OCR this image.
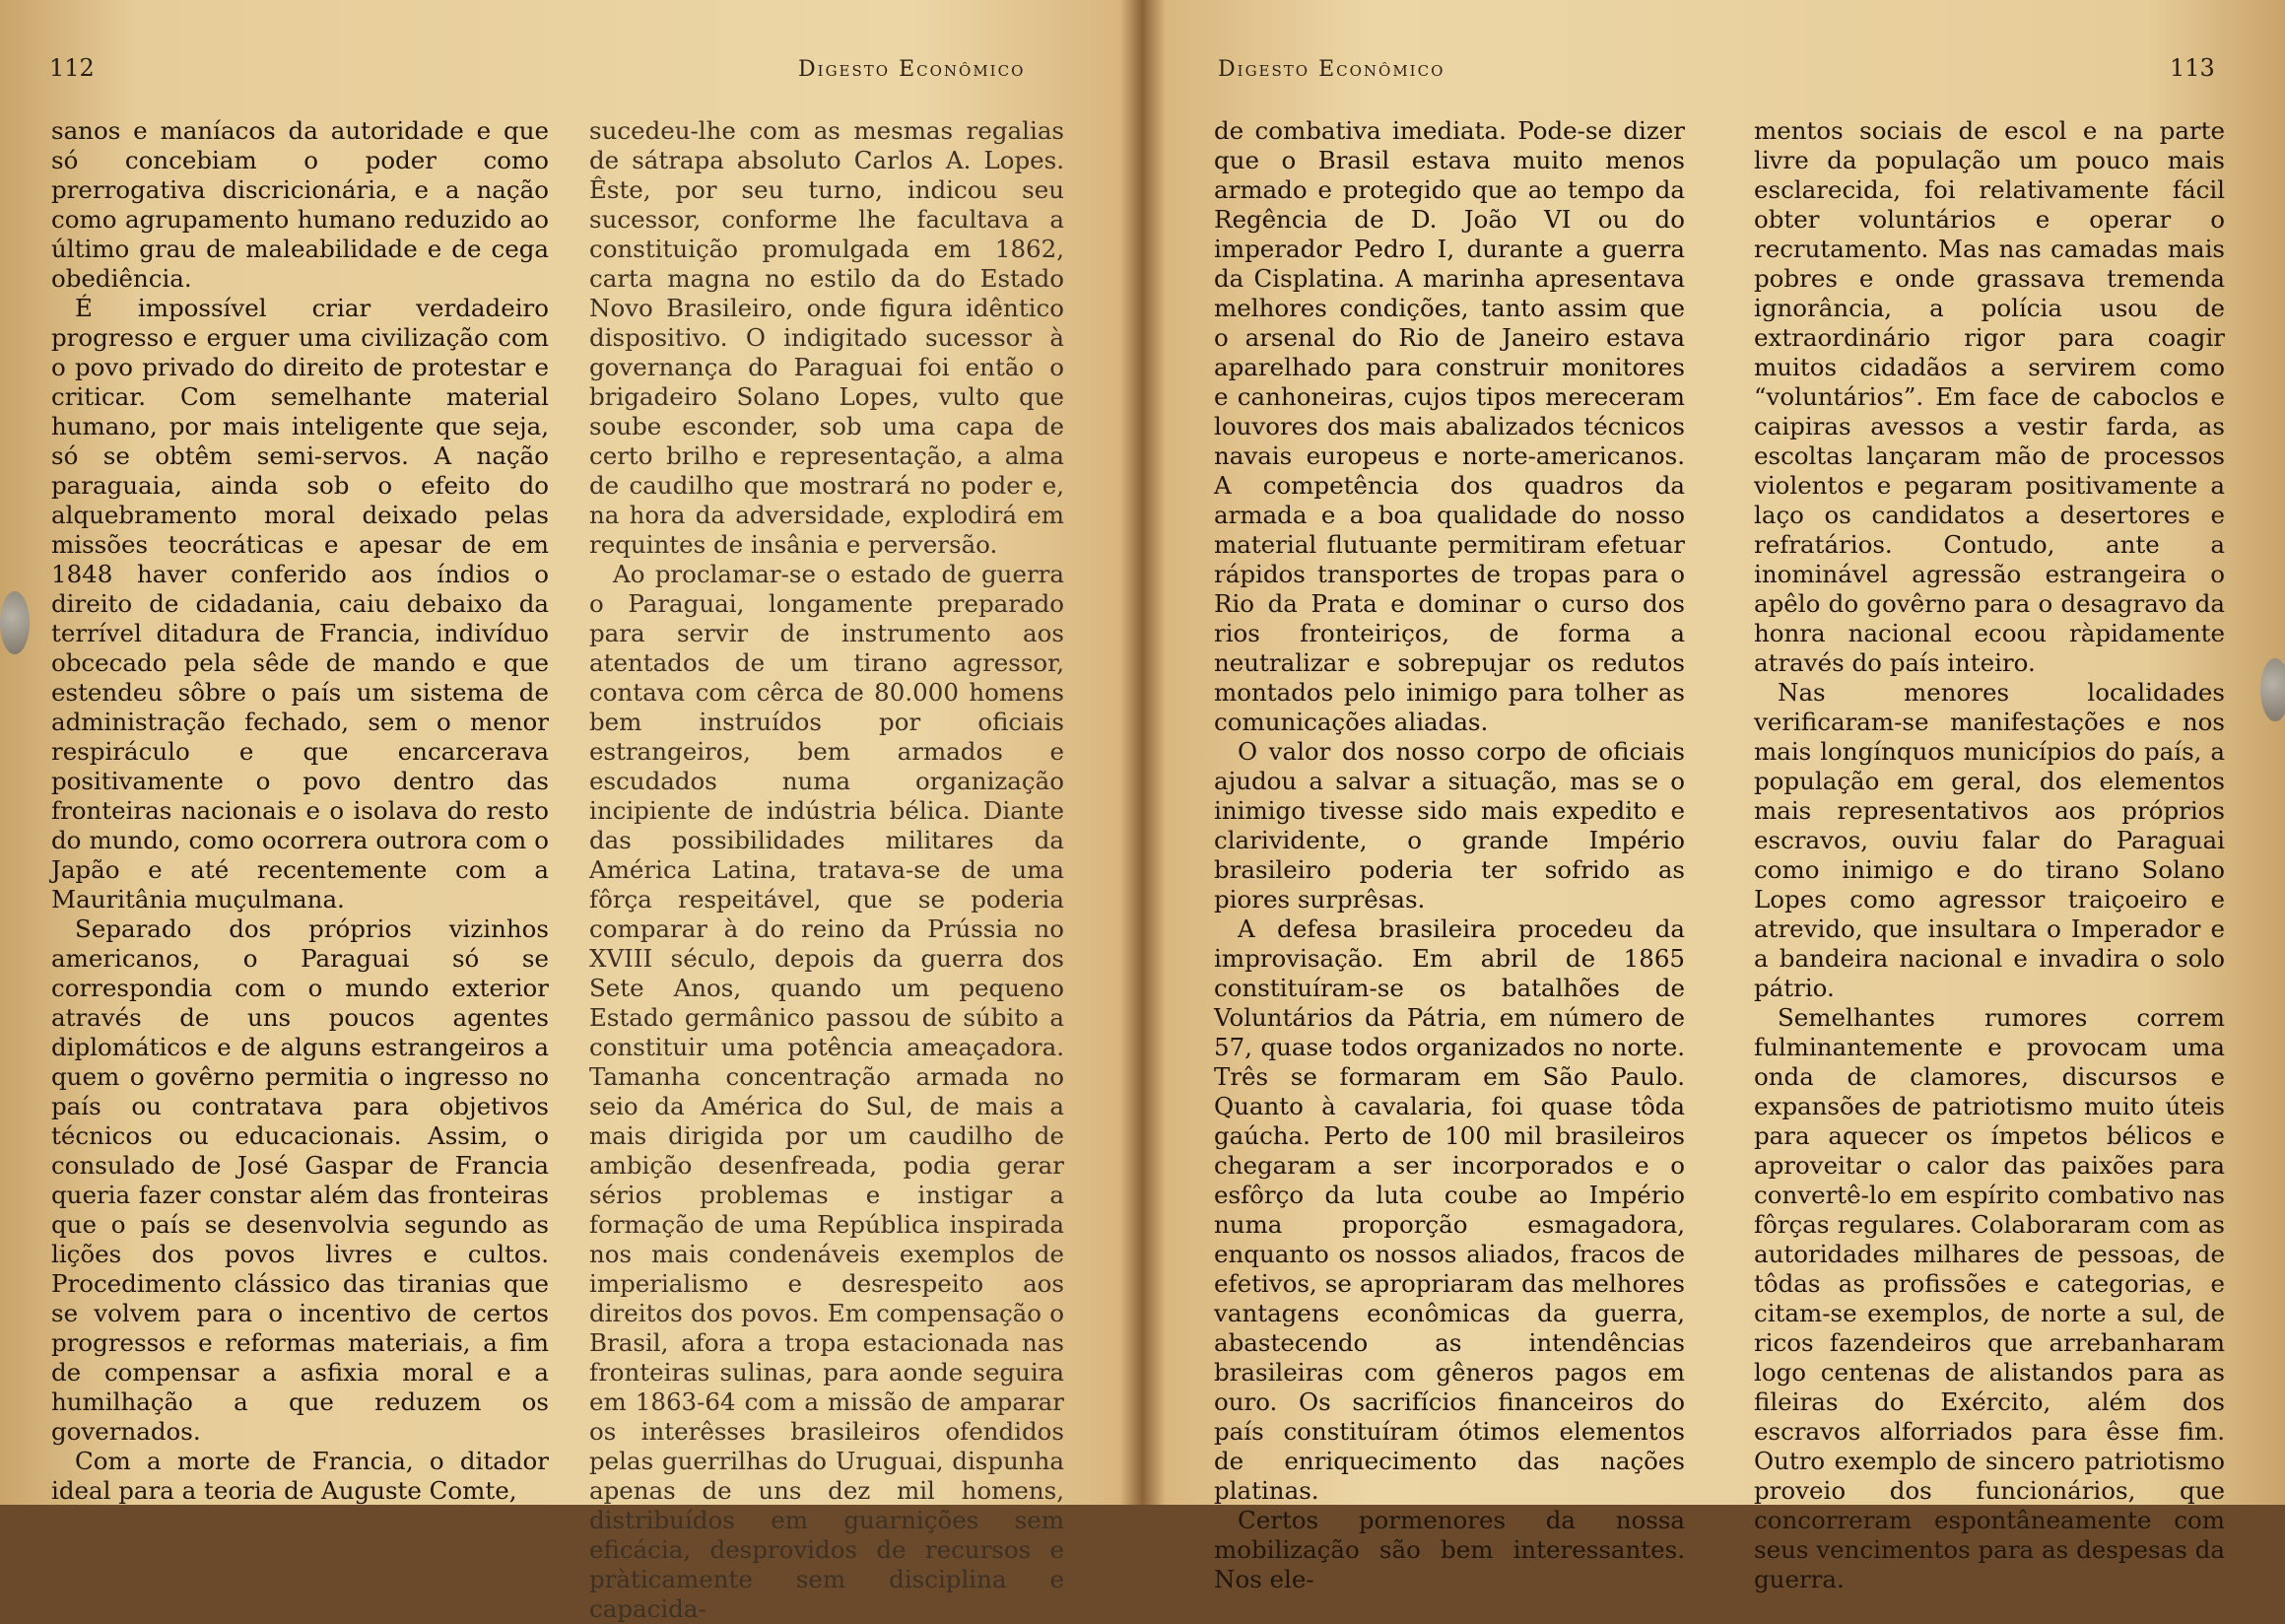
112	Digesto Econômico

sanos e maníacos da autoridade e que só concebiam o poder como prerrogativa discricionária, e a nação como agrupamento humano reduzido ao último grau de maleabilidade e de cega obediência.

É impossível criar verdadeiro progresso e erguer uma civilização com o povo privado do direito de protestar e criticar. Com semelhante material humano, por mais inteligente que seja, só se obtêm semi-servos. A nação paraguaia, ainda sob o efeito do alquebramento moral deixado pelas missões teocráticas e apesar de em 1848 haver conferido aos índios o direito de cidadania, caiu debaixo da terrível ditadura de Francia, indivíduo obcecado pela sêde de mando e que estendeu sôbre o país um sistema de administração fechado, sem o menor respiráculo e que encarcerava positivamente o povo dentro das fronteiras nacionais e o isolava do resto do mundo, como ocorrera outrora com o Japão e até recentemente com a Mauritânia muçulmana.

Separado dos próprios vizinhos americanos, o Paraguai só se correspondia com o mundo exterior através de uns poucos agentes diplomáticos e de alguns estrangeiros a quem o govêrno permitia o ingresso no país ou contratava para objetivos técnicos ou educacionais. Assim, o consulado de José Gaspar de Francia queria fazer constar além das fronteiras que o país se desenvolvia segundo as lições dos povos livres e cultos. Procedimento clássico das tiranias que se volvem para o incentivo de certos progressos e reformas materiais, a fim de compensar a asfixia moral e a humilhação a que reduzem os governados.

Com a morte de Francia, o ditador ideal para a teoria de Auguste Comte,

sucedeu-lhe com as mesmas regalias de sátrapa absoluto Carlos A. Lopes. Êste, por seu turno, indicou seu sucessor, conforme lhe facultava a constituição promulgada em 1862, carta magna no estilo da do Estado Novo Brasileiro, onde figura idêntico dispositivo. O indigitado sucessor à governança do Paraguai foi então o brigadeiro Solano Lopes, vulto que soube esconder, sob uma capa de certo brilho e representação, a alma de caudilho que mostrará no poder e, na hora da adversidade, explodirá em requintes de insânia e perversão.

Ao proclamar-se o estado de guerra o Paraguai, longamente preparado para servir de instrumento aos atentados de um tirano agressor, contava com cêrca de 80.000 homens bem instruídos por oficiais estrangeiros, bem armados e escudados numa organização incipiente de indústria bélica. Diante das possibilidades militares da América Latina, tratava-se de uma fôrça respeitável, que se poderia comparar à do reino da Prússia no XVIII século, depois da guerra dos Sete Anos, quando um pequeno Estado germânico passou de súbito a constituir uma potência ameaçadora. Tamanha concentração armada no seio da América do Sul, de mais a mais dirigida por um caudilho de ambição desenfreada, podia gerar sérios problemas e instigar a formação de uma República inspirada nos mais condenáveis exemplos de imperialismo e desrespeito aos direitos dos povos. Em compensação o Brasil, afora a tropa estacionada nas fronteiras sulinas, para aonde seguira em 1863-64 com a missão de amparar os interêsses brasileiros ofendidos pelas guerrilhas do Uruguai, dispunha apenas de uns dez mil homens, distribuídos em guarnições sem eficácia, desprovidos de recursos e pràticamente sem disciplina e capacida-

Digesto Econômico	113

de combativa imediata. Pode-se dizer que o Brasil estava muito menos armado e protegido que ao tempo da Regência de D. João VI ou do imperador Pedro I, durante a guerra da Cisplatina. A marinha apresentava melhores condições, tanto assim que o arsenal do Rio de Janeiro estava aparelhado para construir monitores e canhoneiras, cujos tipos mereceram louvores dos mais abalizados técnicos navais europeus e norte-americanos. A competência dos quadros da armada e a boa qualidade do nosso material flutuante permitiram efetuar rápidos transportes de tropas para o Rio da Prata e dominar o curso dos rios fronteiriços, de forma a neutralizar e sobrepujar os redutos montados pelo inimigo para tolher as comunicações aliadas.

O valor dos nosso corpo de oficiais ajudou a salvar a situação, mas se o inimigo tivesse sido mais expedito e clarividente, o grande Império brasileiro poderia ter sofrido as piores surprêsas.

A defesa brasileira procedeu da improvisação. Em abril de 1865 constituíram-se os batalhões de Voluntários da Pátria, em número de 57, quase todos organizados no norte. Três se formaram em São Paulo. Quanto à cavalaria, foi quase tôda gaúcha. Perto de 100 mil brasileiros chegaram a ser incorporados e o esfôrço da luta coube ao Império numa proporção esmagadora, enquanto os nossos aliados, fracos de efetivos, se apropriaram das melhores vantagens econômicas da guerra, abastecendo as intendências brasileiras com gêneros pagos em ouro. Os sacrifícios financeiros do país constituíram ótimos elementos de enriquecimento das nações platinas.

Certos pormenores da nossa mobilização são bem interessantes. Nos ele-

mentos sociais de escol e na parte livre da população um pouco mais esclarecida, foi relativamente fácil obter voluntários e operar o recrutamento. Mas nas camadas mais pobres e onde grassava tremenda ignorância, a polícia usou de extraordinário rigor para coagir muitos cidadãos a servirem como “voluntários”. Em face de caboclos e caipiras avessos a vestir farda, as escoltas lançaram mão de processos violentos e pegaram positivamente a laço os candidatos a desertores e refratários. Contudo, ante a inominável agressão estrangeira o apêlo do govêrno para o desagravo da honra nacional ecoou ràpidamente através do país inteiro.

Nas menores localidades verificaram-se manifestações e nos mais longínquos municípios do país, a população em geral, dos elementos mais representativos aos próprios escravos, ouviu falar do Paraguai como inimigo e do tirano Solano Lopes como agressor traiçoeiro e atrevido, que insultara o Imperador e a bandeira nacional e invadira o solo pátrio.

Semelhantes rumores correm fulminantemente e provocam uma onda de clamores, discursos e expansões de patriotismo muito úteis para aquecer os ímpetos bélicos e aproveitar o calor das paixões para convertê-lo em espírito combativo nas fôrças regulares. Colaboraram com as autoridades milhares de pessoas, de tôdas as profissões e categorias, e citam-se exemplos, de norte a sul, de ricos fazendeiros que arrebanharam logo centenas de alistandos para as fileiras do Exército, além dos escravos alforriados para êsse fim. Outro exemplo de sincero patriotismo proveio dos funcionários, que concorreram espontâneamente com seus vencimentos para as despesas da guerra.
